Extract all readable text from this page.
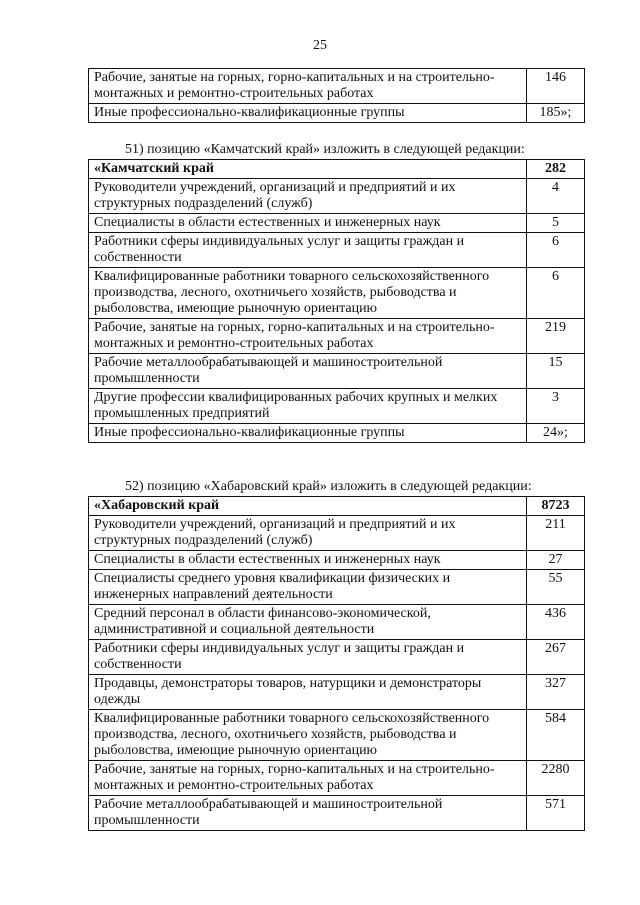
25
Рабочие, занятые на горных, горно-капитальных и на строительно-монтажных и ремонтно-строительных работах	146
Иные профессионально-квалификационные группы	185»;
51) позицию «Камчатский край» изложить в следующей редакции:
«Камчатский край	282
Руководители учреждений, организаций и предприятий и их структурных подразделений (служб)	4
Специалисты в области естественных и инженерных наук	5
Работники сферы индивидуальных услуг и защиты граждан и собственности	6
Квалифицированные работники товарного сельскохозяйственного производства, лесного, охотничьего хозяйств, рыбоводства и рыболовства, имеющие рыночную ориентацию	6
Рабочие, занятые на горных, горно-капитальных и на строительно-монтажных и ремонтно-строительных работах	219
Рабочие металлообрабатывающей и машиностроительной промышленности	15
Другие профессии квалифицированных рабочих крупных и мелких промышленных предприятий	3
Иные профессионально-квалификационные группы	24»;
52) позицию «Хабаровский край» изложить в следующей редакции:
«Хабаровский край	8723
Руководители учреждений, организаций и предприятий и их структурных подразделений (служб)	211
Специалисты в области естественных и инженерных наук	27
Специалисты среднего уровня квалификации физических и инженерных направлений деятельности	55
Средний персонал в области финансово-экономической, административной и социальной деятельности	436
Работники сферы индивидуальных услуг и защиты граждан и собственности	267
Продавцы, демонстраторы товаров, натурщики и демонстраторы одежды	327
Квалифицированные работники товарного сельскохозяйственного производства, лесного, охотничьего хозяйств, рыбоводства и рыболовства, имеющие рыночную ориентацию	584
Рабочие, занятые на горных, горно-капитальных и на строительно-монтажных и ремонтно-строительных работах	2280
Рабочие металлообрабатывающей и машиностроительной промышленности	571
